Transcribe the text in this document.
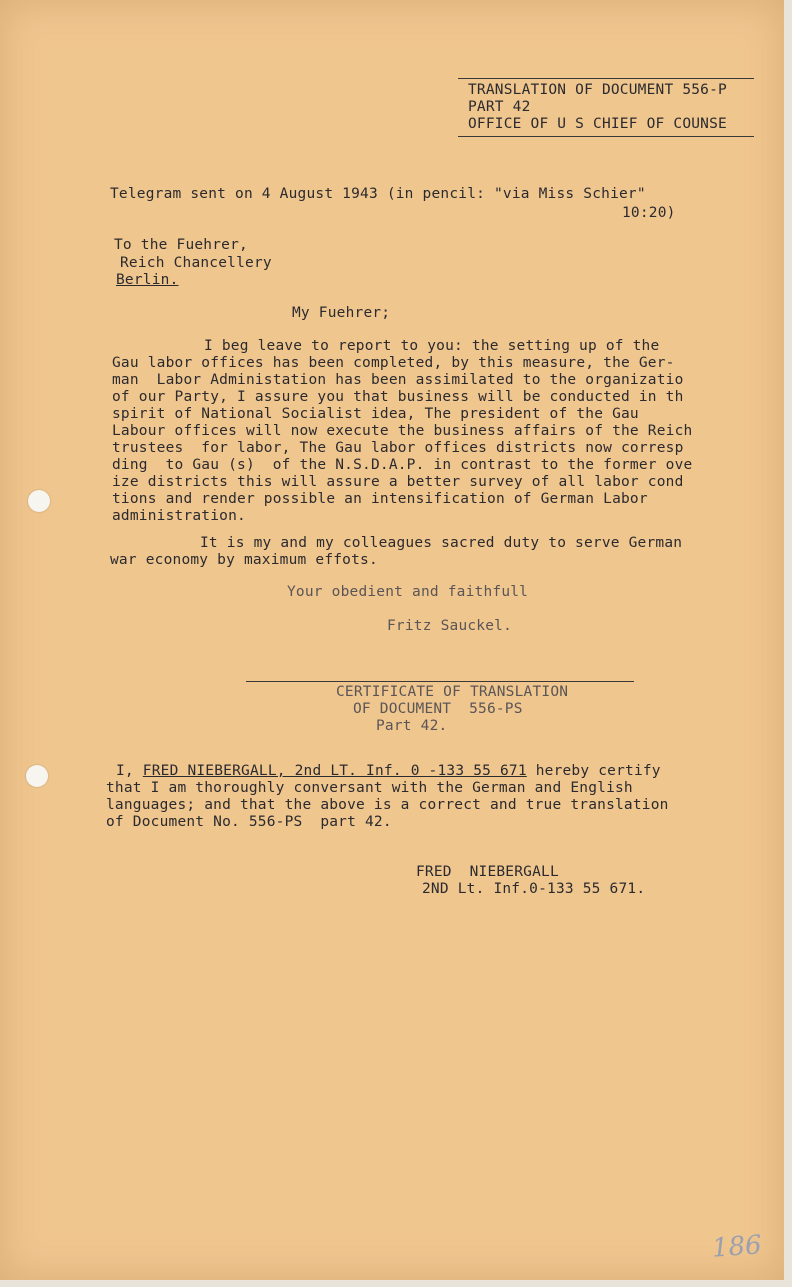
TRANSLATION OF DOCUMENT 556-P
PART 42
OFFICE OF U S CHIEF OF COUNSE
Telegram sent on 4 August 1943 (in pencil: "via Miss Schier"
10:20)
To the Fuehrer,
Reich Chancellery
Berlin.
My Fuehrer;
I beg leave to report to you: the setting up of the
Gau labor offices has been completed, by this measure, the Ger-
man  Labor Administation has been assimilated to the organizatio
of our Party, I assure you that business will be conducted in th
spirit of National Socialist idea, The president of the Gau
Labour offices will now execute the business affairs of the Reich
trustees  for labor, The Gau labor offices districts now corresp
ding  to Gau (s)  of the N.S.D.A.P. in contrast to the former ove
ize districts this will assure a better survey of all labor cond
tions and render possible an intensification of German Labor
administration.
It is my and my colleagues sacred duty to serve German
war economy by maximum effots.
Your obedient and faithfull
Fritz Sauckel.
CERTIFICATE OF TRANSLATION
OF DOCUMENT  556-PS
Part 42.
I, FRED NIEBERGALL, 2nd LT. Inf. 0 -133 55 671 hereby certify
that I am thoroughly conversant with the German and English
languages; and that the above is a correct and true translation
of Document No. 556-PS  part 42.
FRED  NIEBERGALL
2ND Lt. Inf.0-133 55 671.
186
